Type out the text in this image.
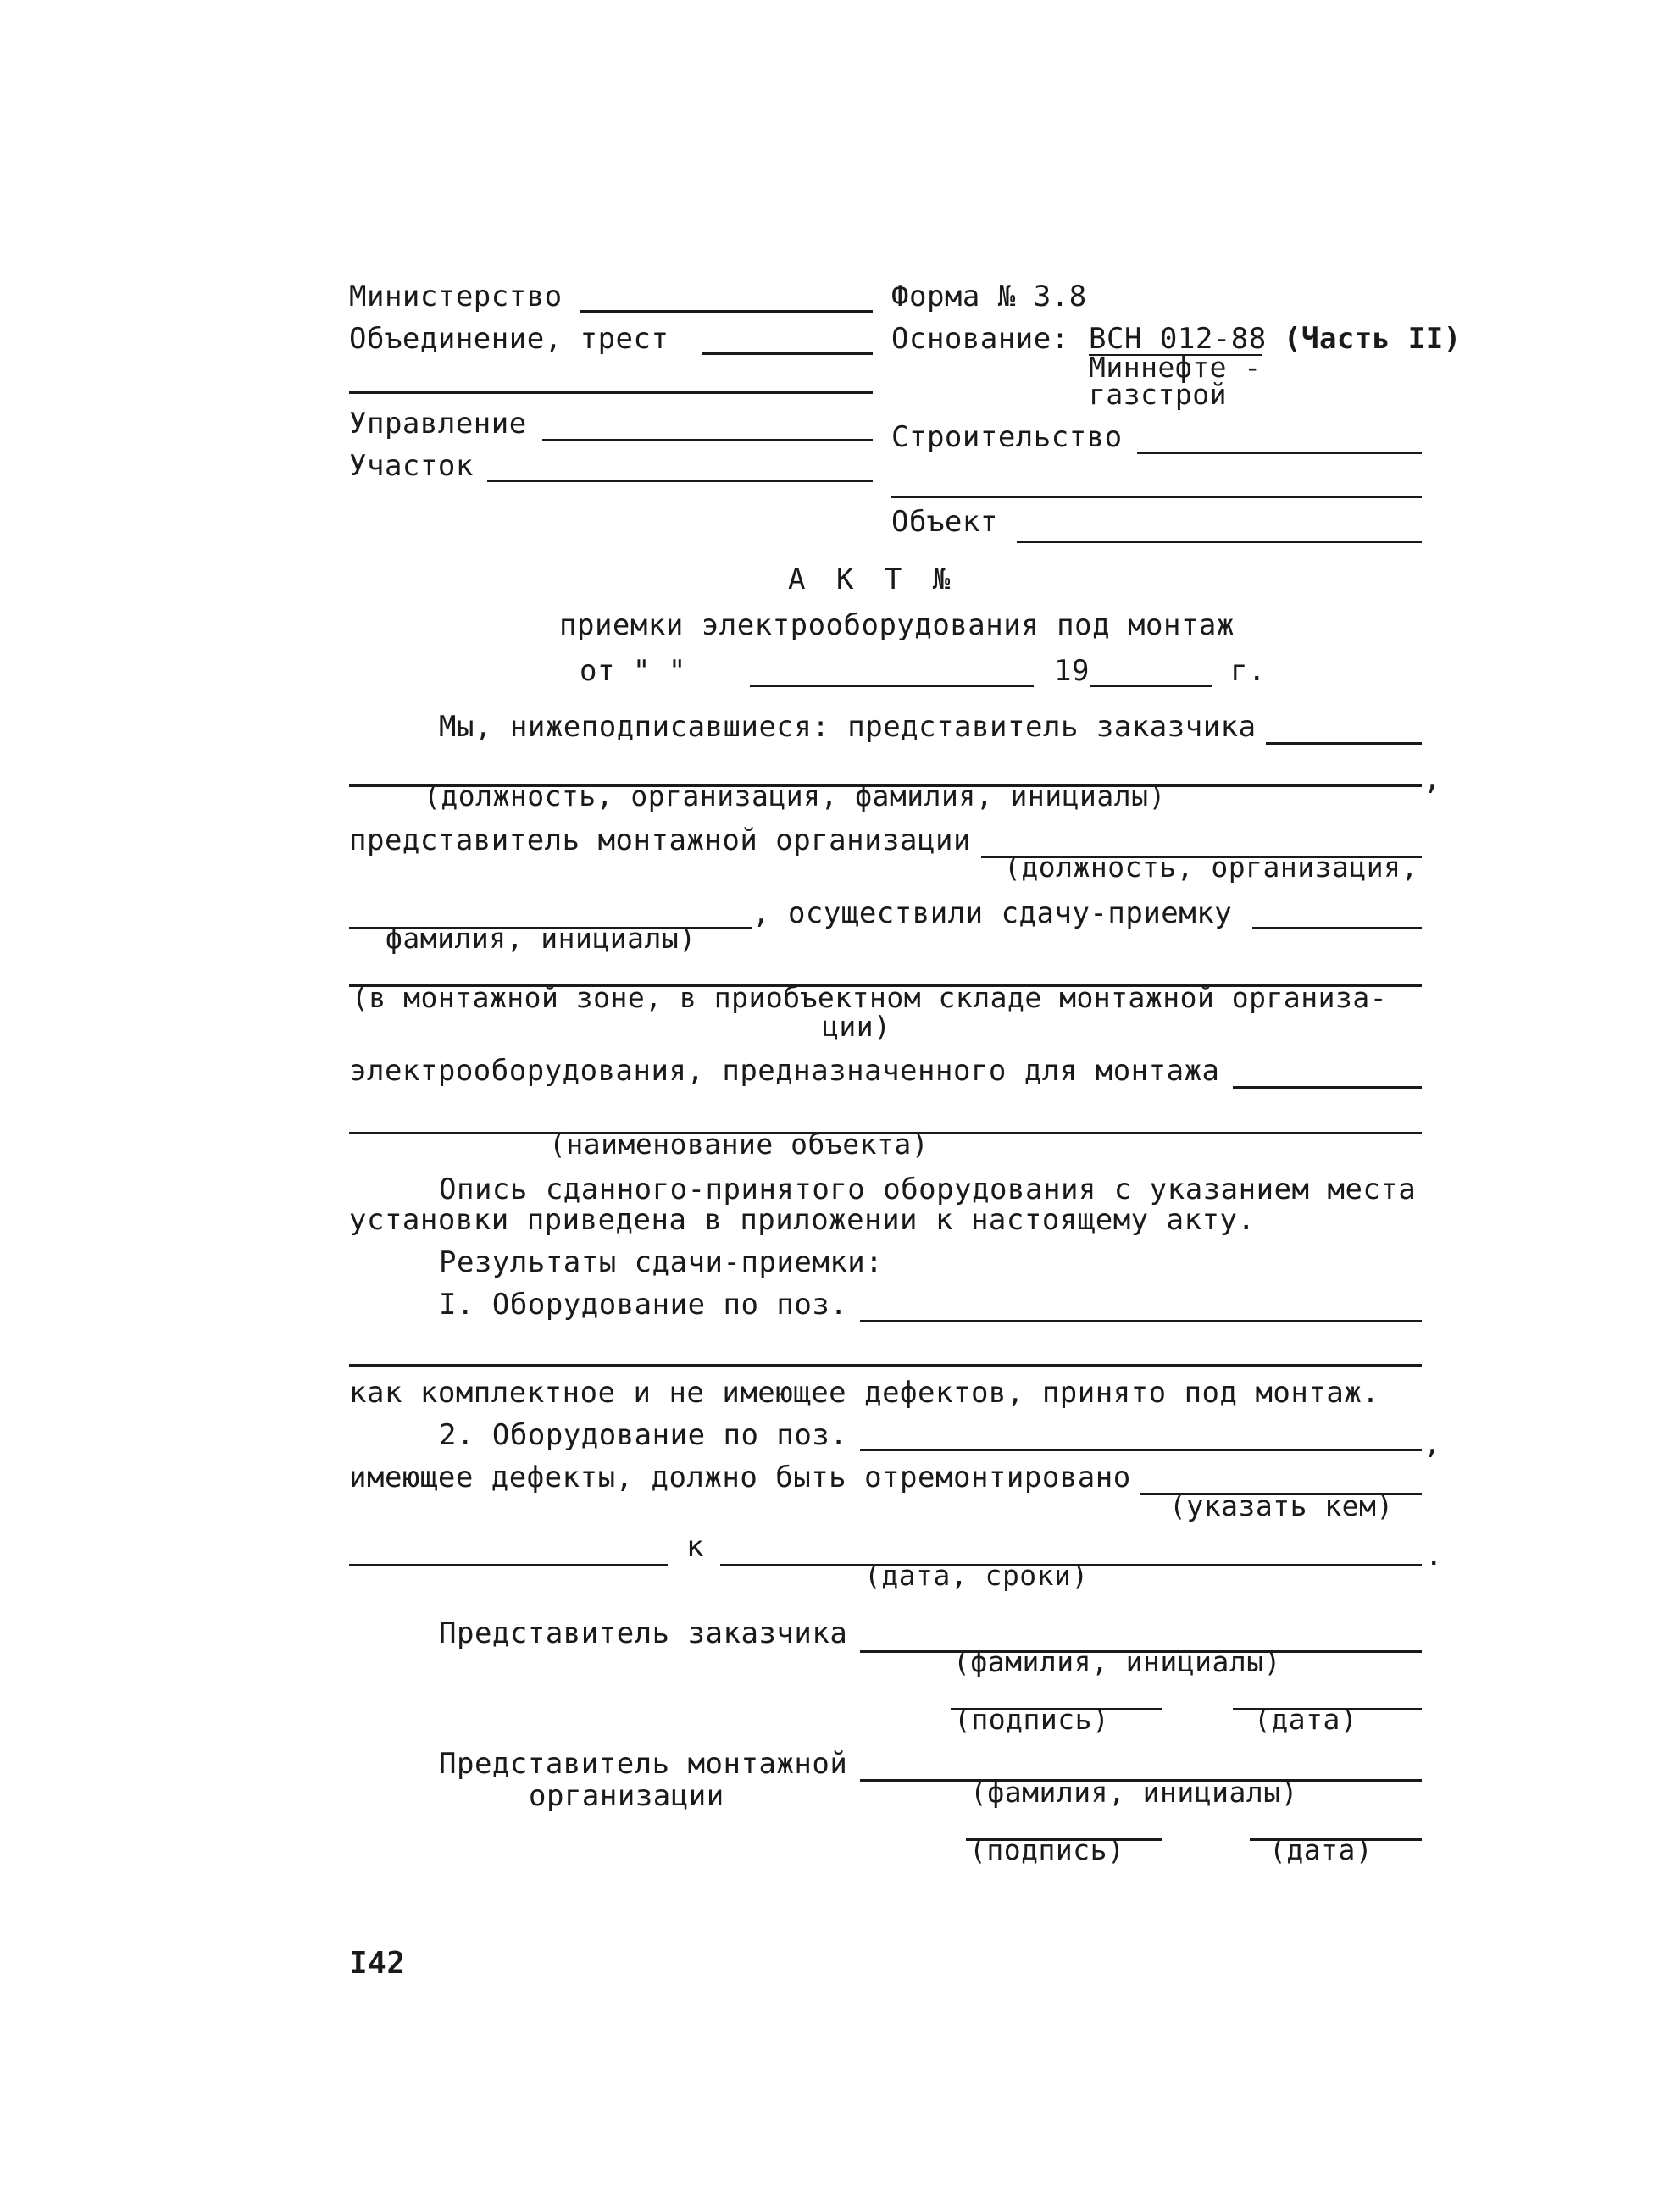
Министерство
Объединение, трест
Управление
Участок
Форма № 3.8
Основание: ВСН 012-88 (Часть II)
Миннефте -
газстрой
Строительство
Объект
А К Т №
приемки электрооборудования под монтаж
от " "	19	г.
Мы, нижеподписавшиеся: представитель заказчика
,
(должность, организация, фамилия, инициалы)
представитель монтажной организации
(должность, организация,
, осуществили сдачу-приемку
фамилия, инициалы)
(в монтажной зоне, в приобъектном складе монтажной организа-
ции)
электрооборудования, предназначенного для монтажа
(наименование объекта)
Опись сданного-принятого оборудования с указанием места
установки приведена в приложении к настоящему акту.
Результаты сдачи-приемки:
I. Оборудование по поз.
как комплектное и не имеющее дефектов, принято под монтаж.
2. Оборудование по поз.	,
имеющее дефекты, должно быть отремонтировано
(указать кем)
к	.
(дата, сроки)
Представитель заказчика
(фамилия, инициалы)
(подпись)	(дата)
Представитель монтажной
организации	(фамилия, инициалы)
(подпись)	(дата)
I42
